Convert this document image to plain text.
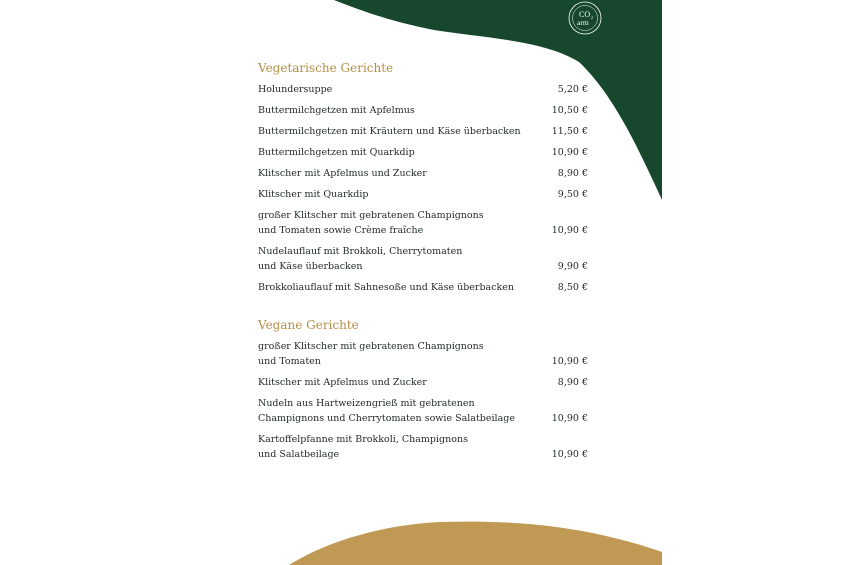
CO 2
arm
Vegetarische Gerichte
Holundersuppe	5,20 €
Buttermilchgetzen mit Apfelmus	10,50 €
Buttermilchgetzen mit Kräutern und Käse überbacken	11,50 €
Buttermilchgetzen mit Quarkdip	10,90 €
Klitscher mit Apfelmus und Zucker	8,90 €
Klitscher mit Quarkdip	9,50 €
großer Klitscher mit gebratenen Champignons
und Tomaten sowie Crème fraîche	10,90 €
Nudelauflauf mit Brokkoli, Cherrytomaten
und Käse überbacken	9,90 €
Brokkoliauflauf mit Sahnesoße und Käse überbacken	8,50 €
Vegane Gerichte
großer Klitscher mit gebratenen Champignons
und Tomaten	10,90 €
Klitscher mit Apfelmus und Zucker	8,90 €
Nudeln aus Hartweizengrieß mit gebratenen
Champignons und Cherrytomaten sowie Salatbeilage	10,90 €
Kartoffelpfanne mit Brokkoli, Champignons
und Salatbeilage	10,90 €
